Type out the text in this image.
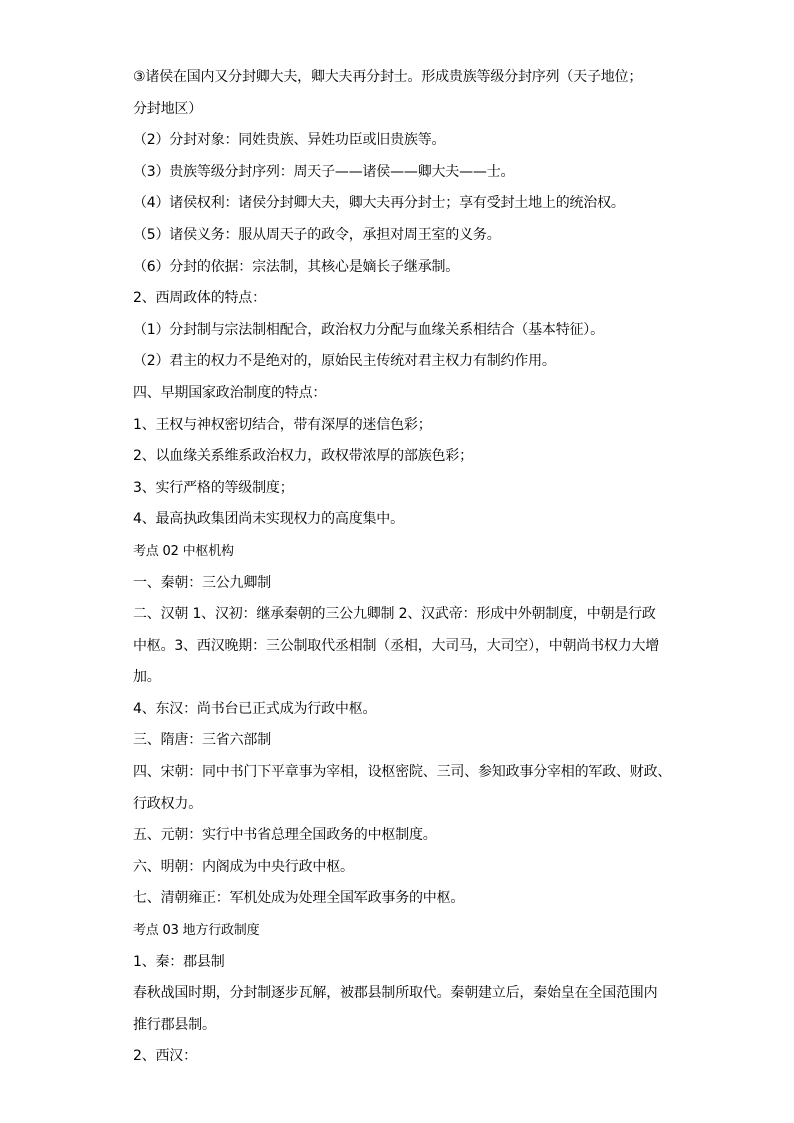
③诸侯在国内又分封卿大夫，卿大夫再分封士。形成贵族等级分封序列（天子地位；
分封地区）
（2）分封对象：同姓贵族、异姓功臣或旧贵族等。
（3）贵族等级分封序列：周天子——诸侯——卿大夫——士。
（4）诸侯权利：诸侯分封卿大夫，卿大夫再分封士；享有受封土地上的统治权。
（5）诸侯义务：服从周天子的政令，承担对周王室的义务。
（6）分封的依据：宗法制，其核心是嫡长子继承制。
2、西周政体的特点：
（1）分封制与宗法制相配合，政治权力分配与血缘关系相结合（基本特征）。
（2）君主的权力不是绝对的，原始民主传统对君主权力有制约作用。
四、早期国家政治制度的特点：
1、王权与神权密切结合，带有深厚的迷信色彩；
2、以血缘关系维系政治权力，政权带浓厚的部族色彩；
3、实行严格的等级制度；
4、最高执政集团尚未实现权力的高度集中。
考点 02 中枢机构
一、秦朝：三公九卿制
二、汉朝 1、汉初：继承秦朝的三公九卿制 2、汉武帝：形成中外朝制度，中朝是行政
中枢。3、西汉晚期：三公制取代丞相制（丞相，大司马，大司空），中朝尚书权力大增
加。
4、东汉：尚书台已正式成为行政中枢。
三、隋唐：三省六部制
四、宋朝：同中书门下平章事为宰相，设枢密院、三司、参知政事分宰相的军政、财政、
行政权力。
五、元朝：实行中书省总理全国政务的中枢制度。
六、明朝：内阁成为中央行政中枢。
七、清朝雍正：军机处成为处理全国军政事务的中枢。
考点 03 地方行政制度
1、秦：郡县制
春秋战国时期，分封制逐步瓦解，被郡县制所取代。秦朝建立后，秦始皇在全国范围内
推行郡县制。
2、西汉：
